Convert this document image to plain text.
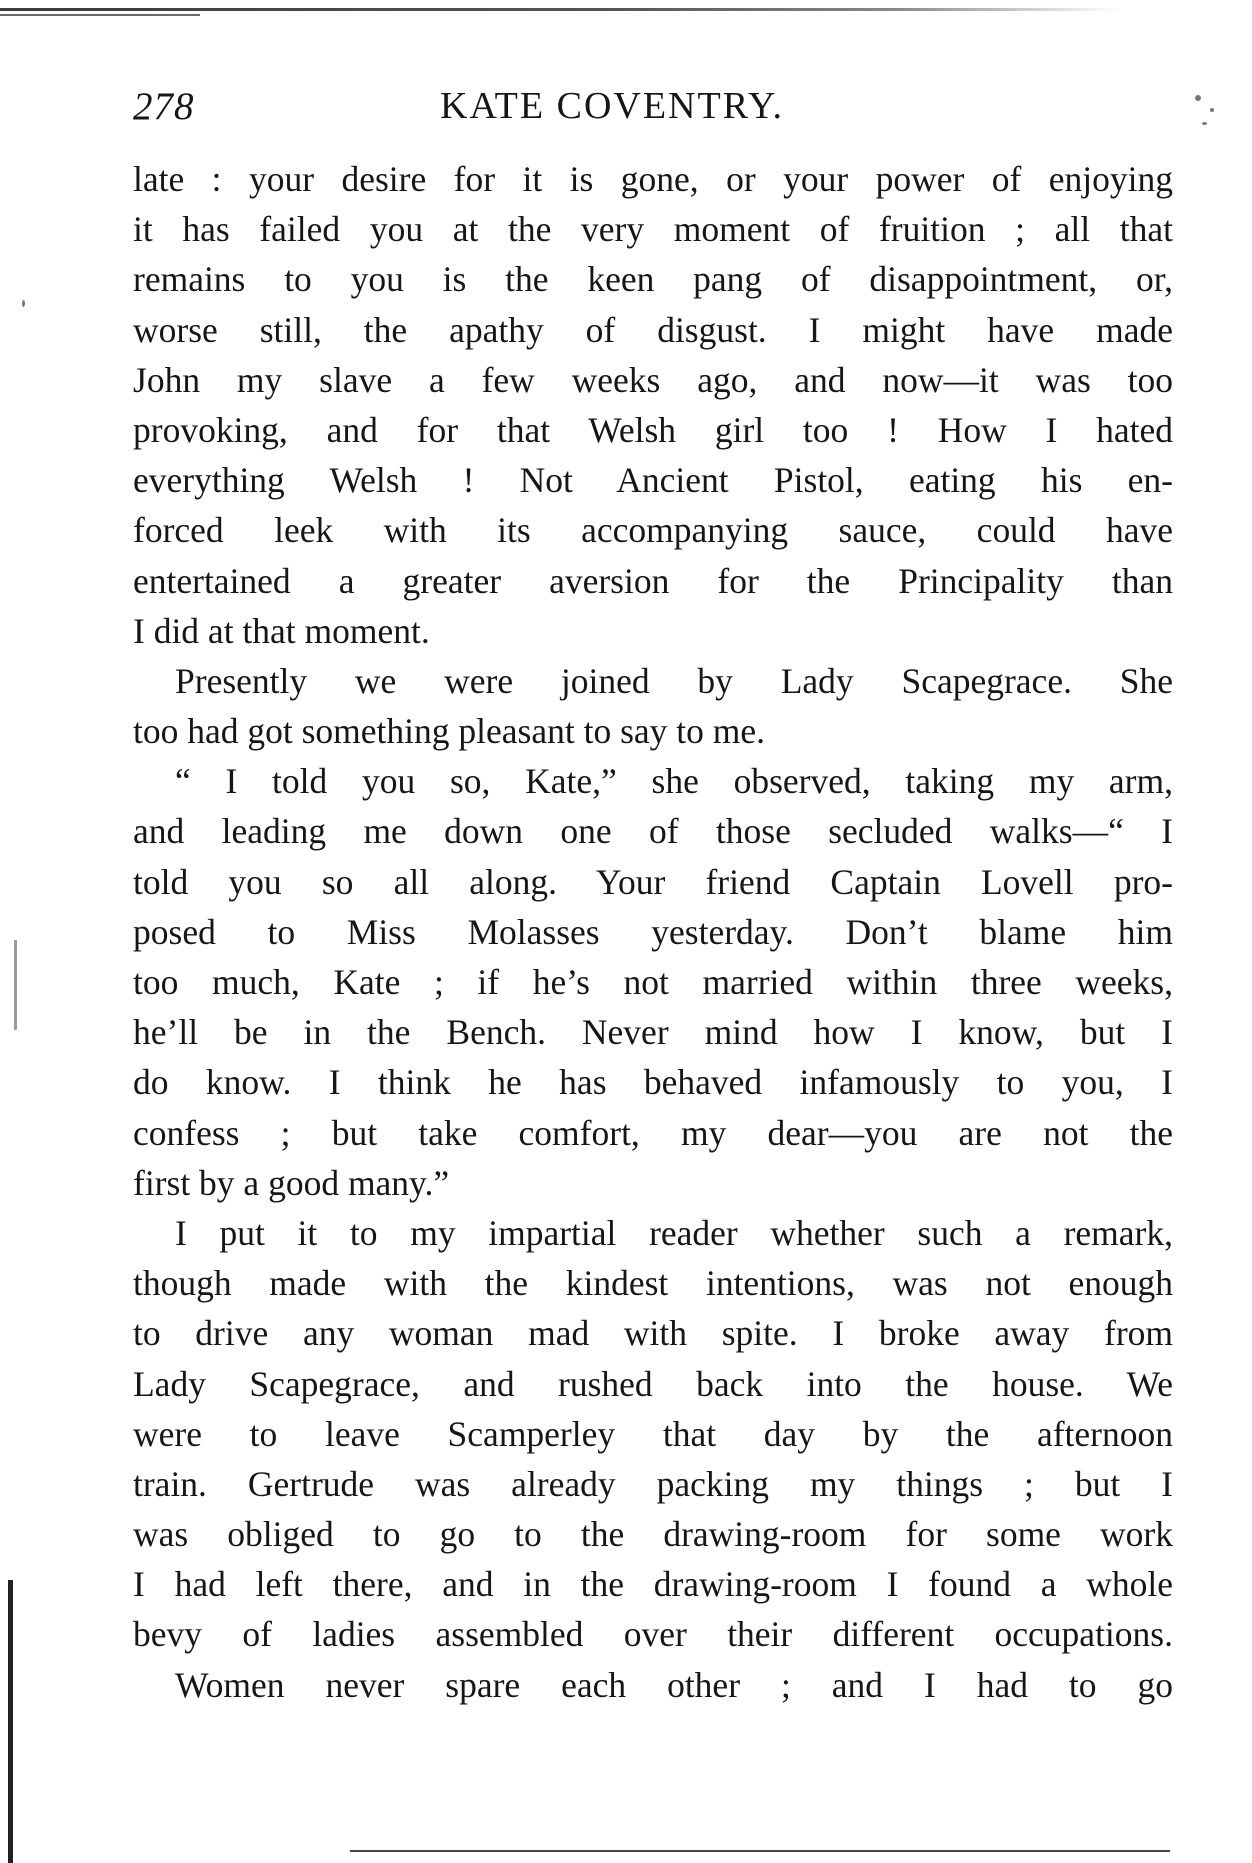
278	KATE COVENTRY.
late : your desire for it is gone, or your power of enjoying
it has failed you at the very moment of fruition ; all that
remains to you is the keen pang of disappointment, or,
worse still, the apathy of disgust. I might have made
John my slave a few weeks ago, and now—it was too
provoking, and for that Welsh girl too ! How I hated
everything Welsh ! Not Ancient Pistol, eating his en-
forced leek with its accompanying sauce, could have
entertained a greater aversion for the Principality than
I did at that moment.
Presently we were joined by Lady Scapegrace. She
too had got something pleasant to say to me.
“ I told you so, Kate,” she observed, taking my arm,
and leading me down one of those secluded walks—“ I
told you so all along. Your friend Captain Lovell pro-
posed to Miss Molasses yesterday. Don’t blame him
too much, Kate ; if he’s not married within three weeks,
he’ll be in the Bench. Never mind how I know, but I
do know. I think he has behaved infamously to you, I
confess ; but take comfort, my dear—you are not the
first by a good many.”
I put it to my impartial reader whether such a remark,
though made with the kindest intentions, was not enough
to drive any woman mad with spite. I broke away from
Lady Scapegrace, and rushed back into the house. We
were to leave Scamperley that day by the afternoon
train. Gertrude was already packing my things ; but I
was obliged to go to the drawing-room for some work
I had left there, and in the drawing-room I found a whole
bevy of ladies assembled over their different occupations.
Women never spare each other ; and I had to go
